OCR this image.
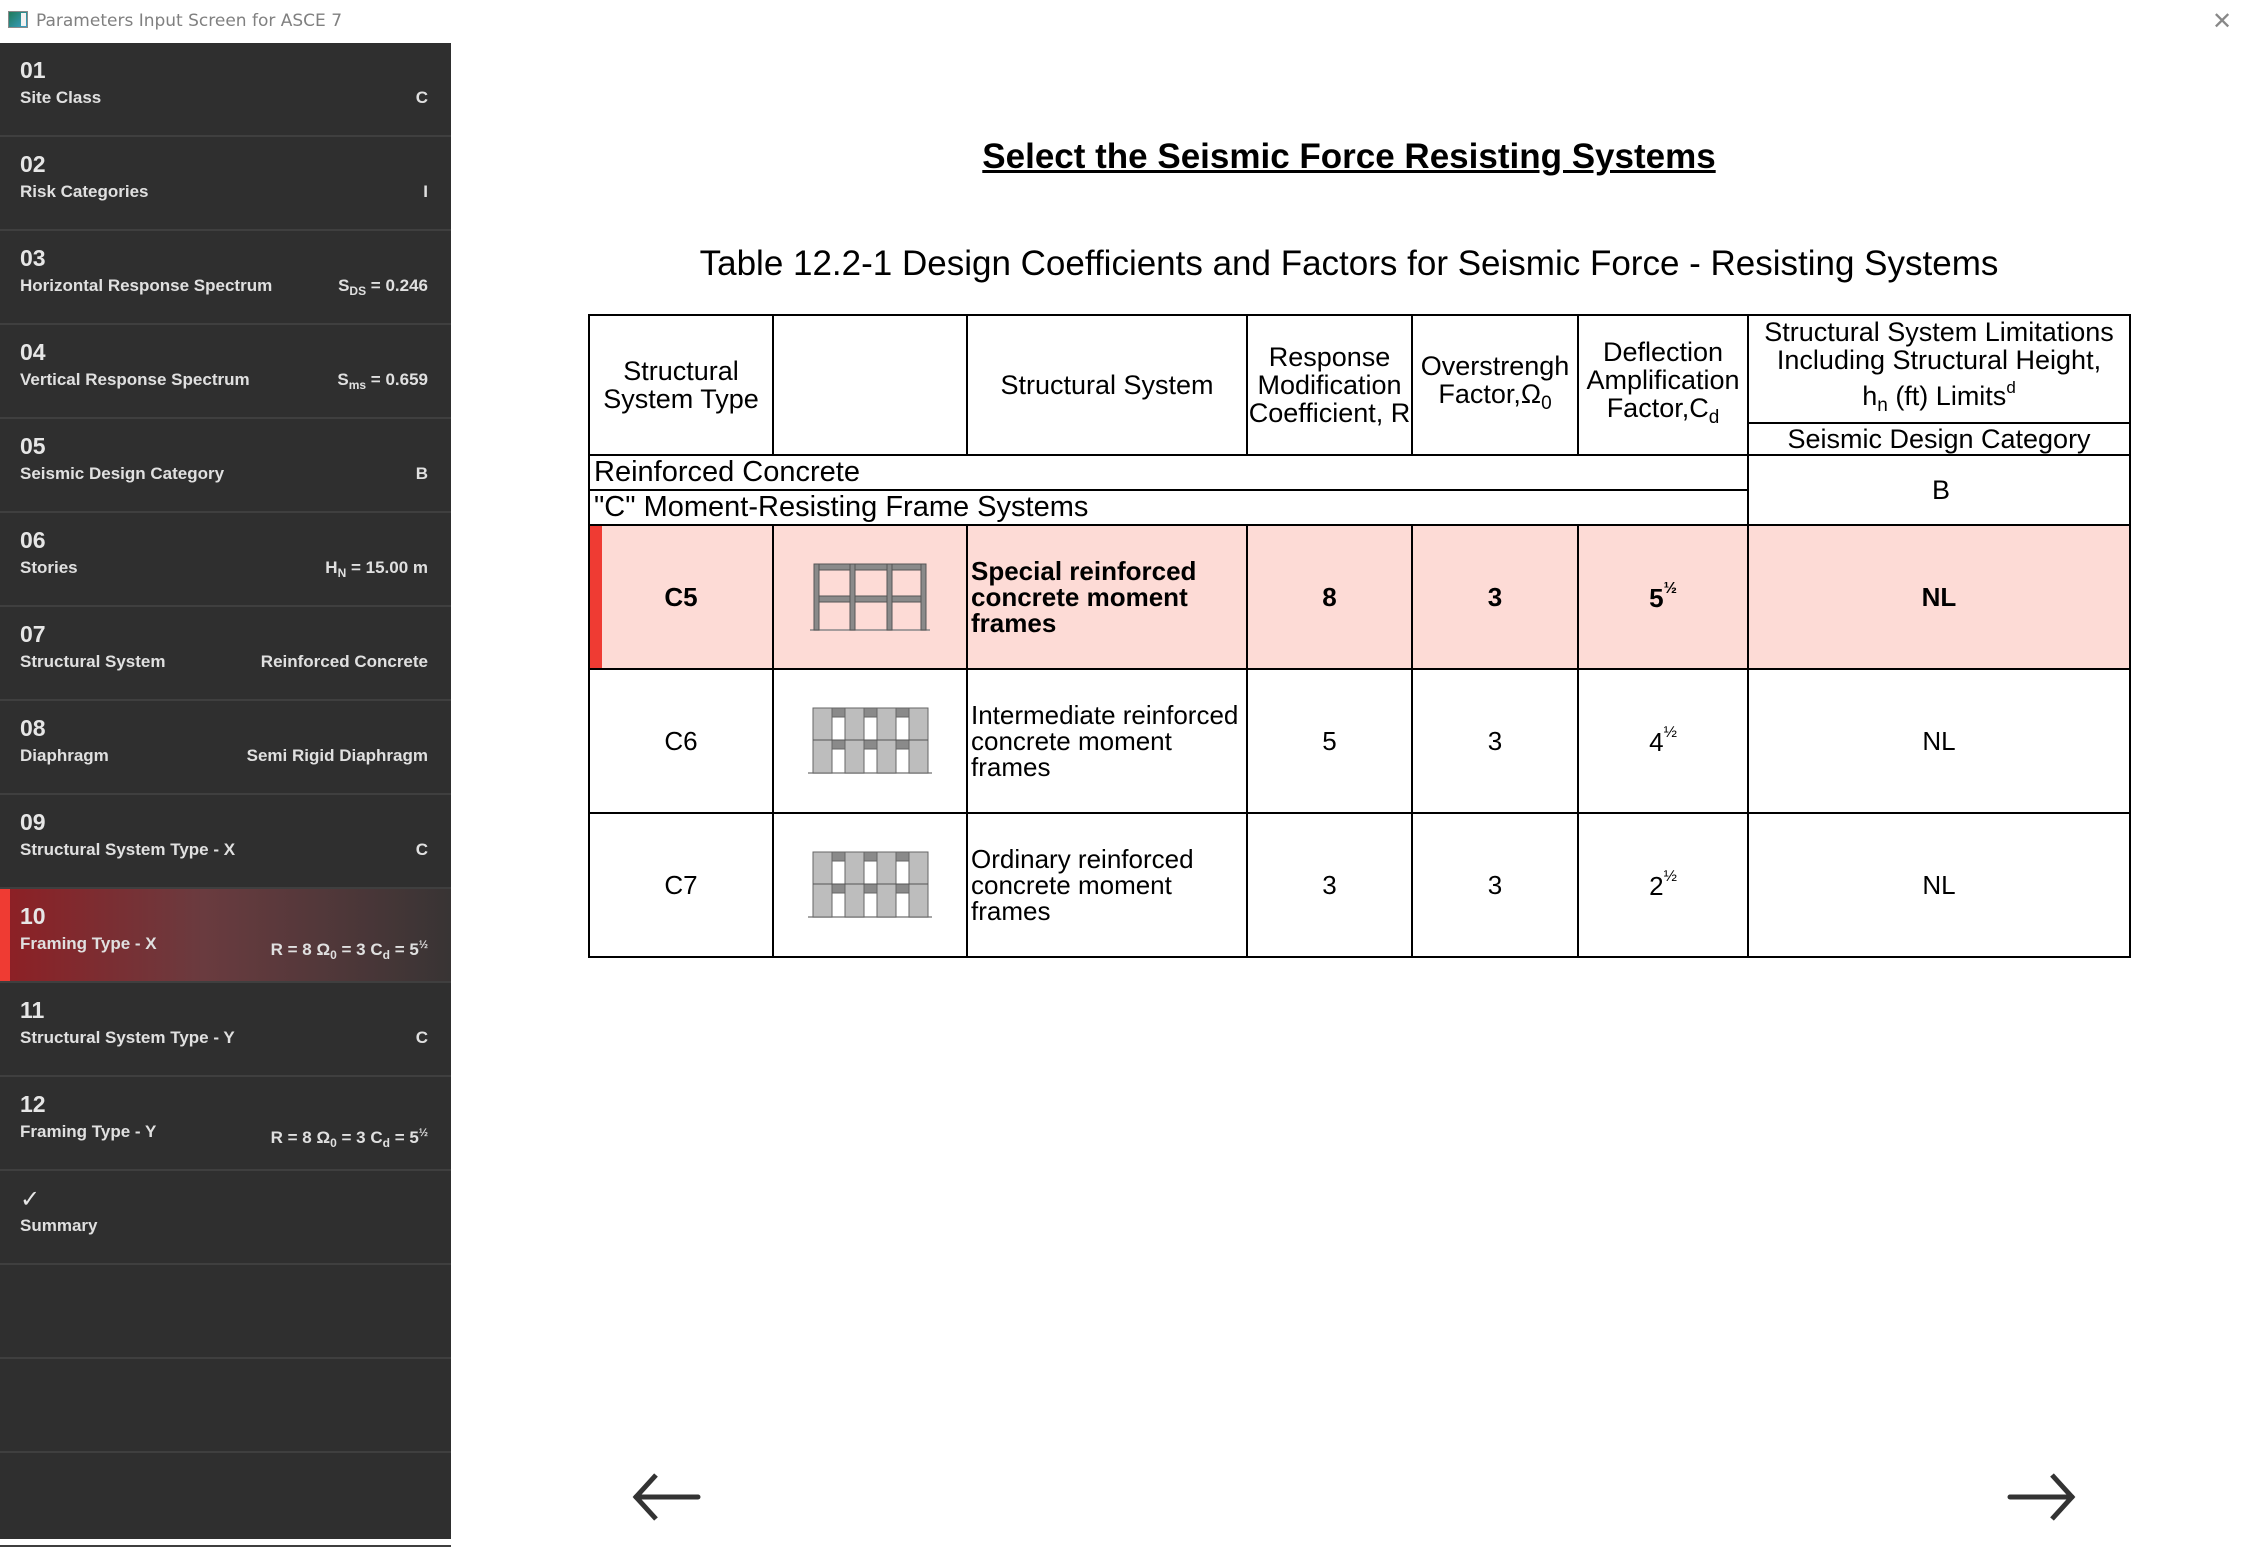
Parameters Input Screen for ASCE 7	✕
01
Site Class	C
02
Risk Categories	I
03
Horizontal Response Spectrum	$S_{DS} = 0.246$
04
Vertical Response Spectrum	$S_{ms} = 0.659$
05
Seismic Design Category	B
06
Stories	$H_N = 15.00$ m
07
Structural System	Reinforced Concrete
08
Diaphragm	Semi Rigid Diaphragm
09
Structural System Type - X	C
10
Framing Type - X	R = 8 $\Omega_0 = 3$ $C_d = 5^{\frac{1}{2}}$
11
Structural System Type - Y	C
12
Framing Type - Y	R = 8 $\Omega_0 = 3$ $C_d = 5^{\frac{1}{2}}$
✓
Summary
Select the Seismic Force Resisting Systems
Table 12.2-1 Design Coefficients and Factors for Seismic Force - Resisting Systems
Structural System Type		Structural System	Response Modification Coefficient, R	Overstrengh $Factor,\Omega_0$	Deflection Amplification $Factor,C_d$	Structural System Limitations Including Structural Height,
$h_n$ (ft) Limits$^d$
						Seismic Design Category
Reinforced Concrete						B
"C" Moment-Resisting Frame Systems						
C5		Special reinforced concrete moment frames	8	3	$5^{\frac{1}{2}}$	NL
C6		Intermediate reinforced concrete moment frames	5	3	$4^{\frac{1}{2}}$	NL
C7		Ordinary reinforced concrete moment frames	3	3	$2^{\frac{1}{2}}$	NL
